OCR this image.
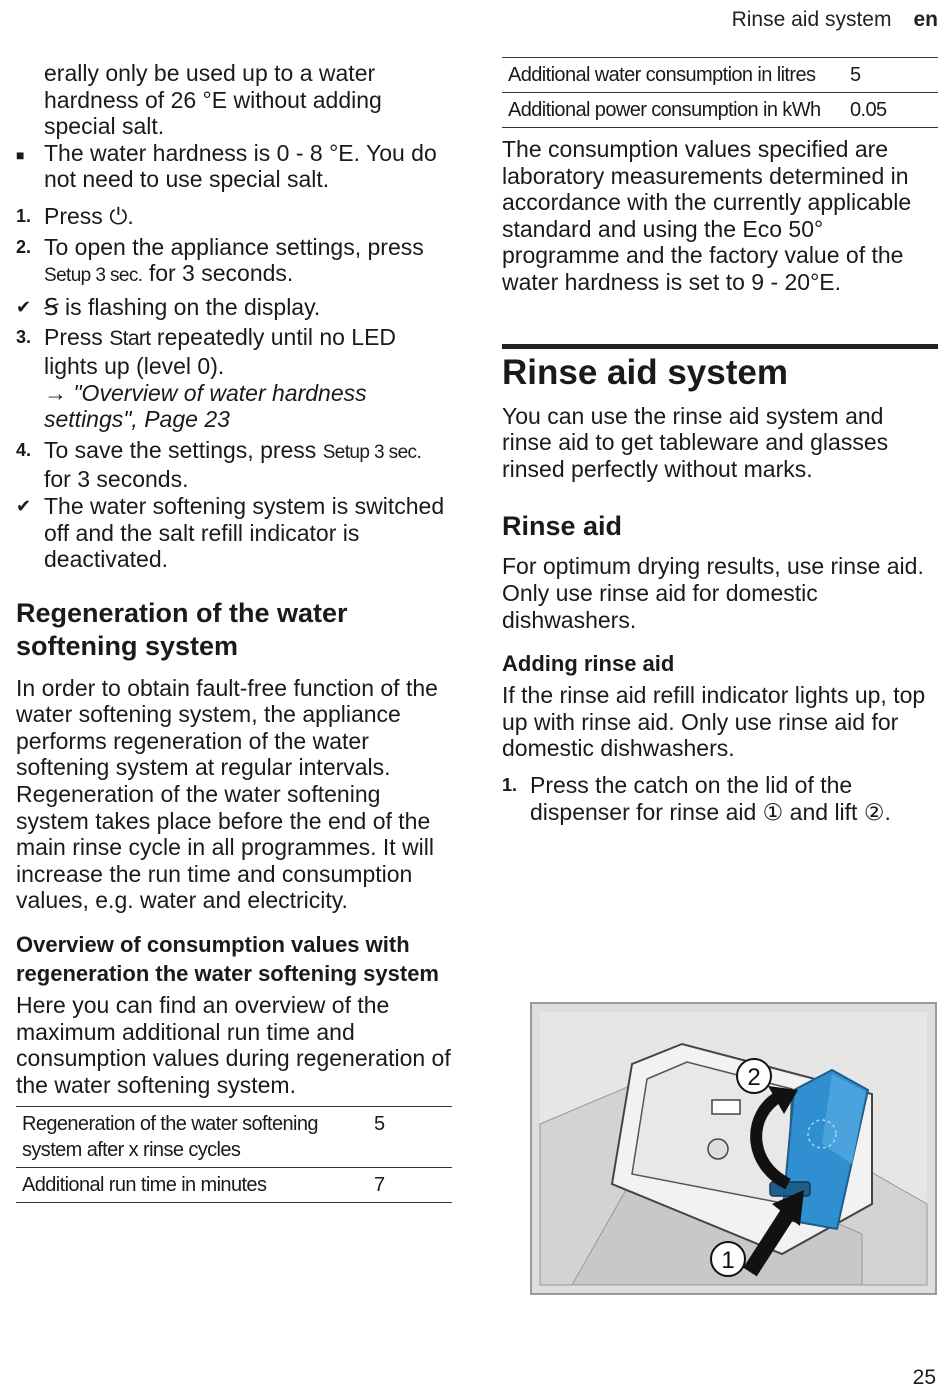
Rinse aid system en

erally only be used up to a water hardness of 26 °E without adding special salt.

■ The water hardness is 0 - 8 °E. You do not need to use special salt.
1. Press ⏻.
2. To open the appliance settings, press Setup 3 sec. for 3 seconds.
✔ Ꞩ is flashing on the display.
3. Press Start repeatedly until no LED lights up (level 0).
→ "Overview of water hardness settings", Page 23
4. To save the settings, press Setup 3 sec. for 3 seconds.
✔ The water softening system is switched off and the salt refill indicator is deactivated.
Regeneration of the water softening system

In order to obtain fault-free function of the water softening system, the appliance performs regeneration of the water softening system at regular intervals.

Regeneration of the water softening system takes place before the end of the main rinse cycle in all programmes. It will increase the run time and consumption values, e.g. water and electricity.

Overview of consumption values with regeneration the water softening system

Here you can find an overview of the maximum additional run time and consumption values during regeneration of the water softening system.

Regeneration of the water softening system after x rinse cycles	5
Additional run time in minutes	7
Additional water consumption in litres	5
Additional power consumption in kWh	0.05

The consumption values specified are laboratory measurements determined in accordance with the currently applicable standard and using the Eco 50° programme and the factory value of the water hardness is set to 9 - 20°E.

Rinse aid system

You can use the rinse aid system and rinse aid to get tableware and glasses rinsed perfectly without marks.

Rinse aid

For optimum drying results, use rinse aid.

Only use rinse aid for domestic dishwashers.

Adding rinse aid

If the rinse aid refill indicator lights up, top up with rinse aid. Only use rinse aid for domestic dishwashers.

1. Press the catch on the lid of the dispenser for rinse aid ① and lift ②.
2
1
25
